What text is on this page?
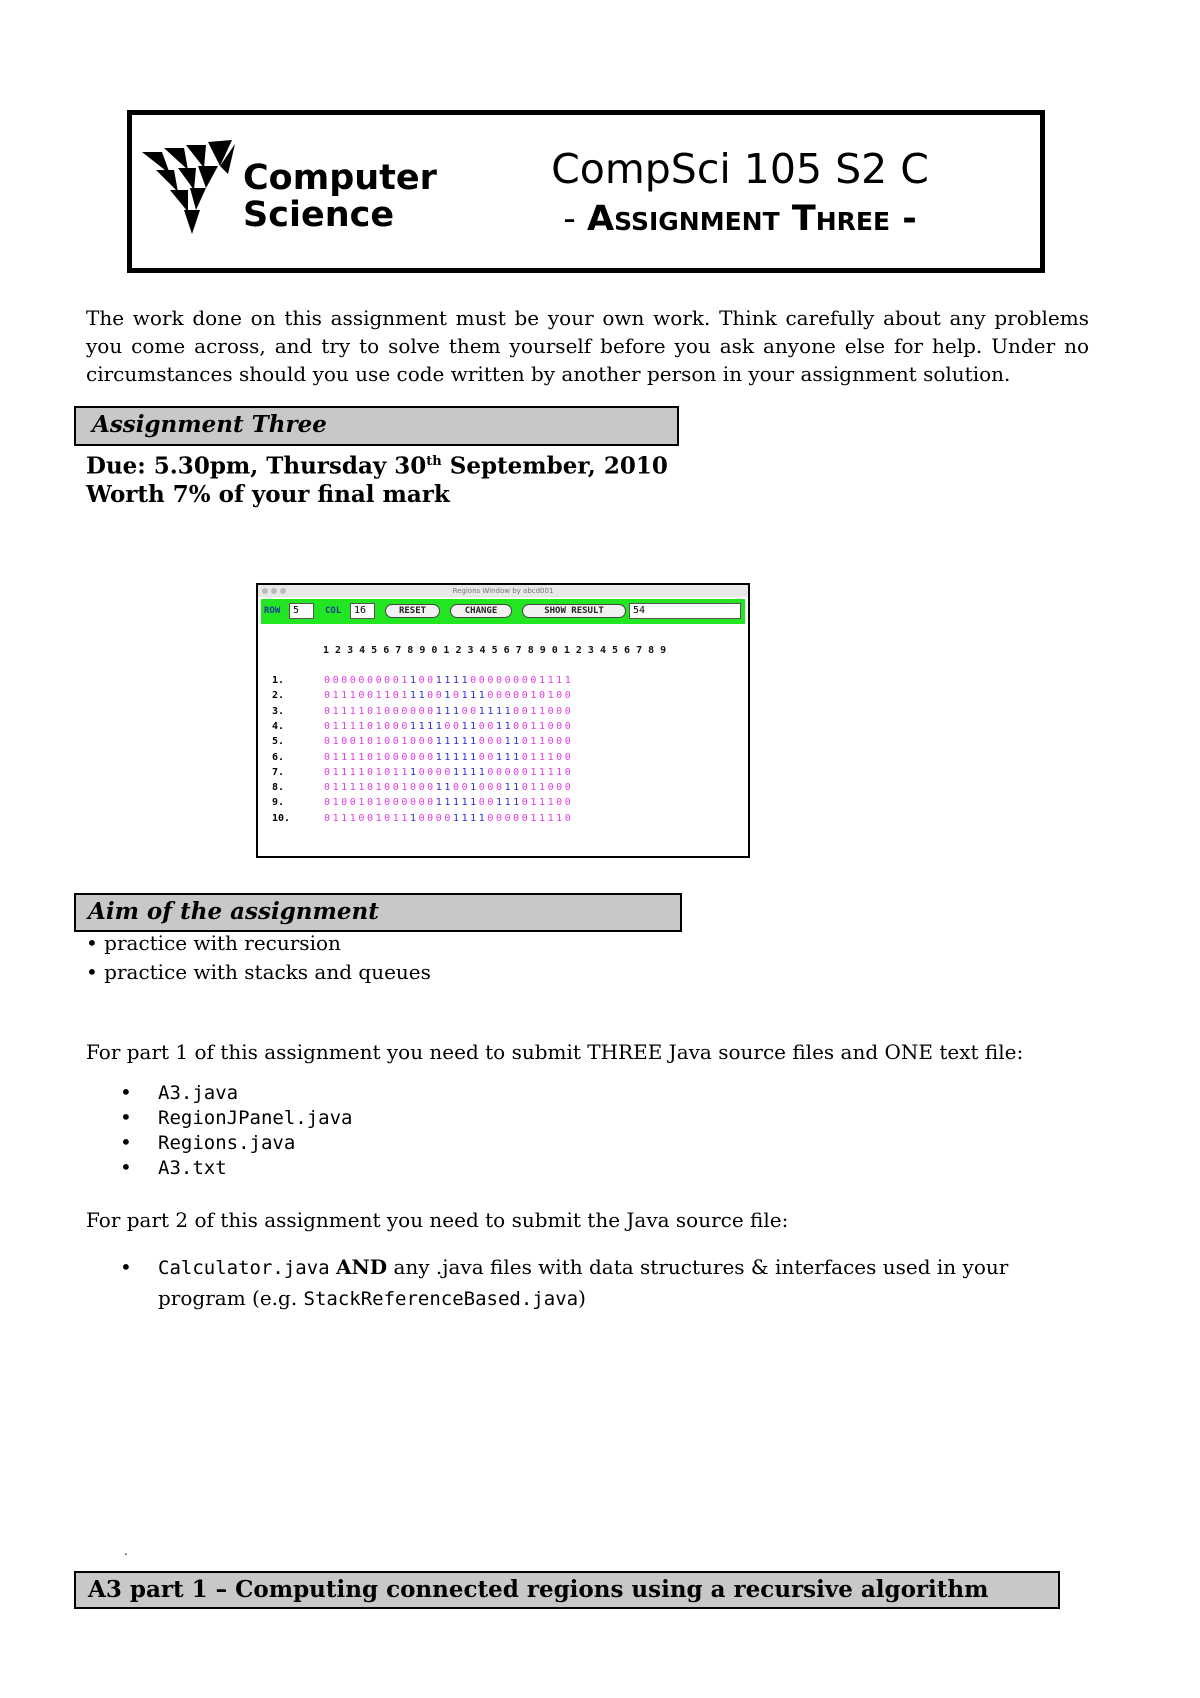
Computer
Science
CompSci 105 S2 C
- Assignment Three -
The work done on this assignment must be your own work. Think carefully about any problems you come across, and try to solve them yourself before you ask anyone else for help. Under no circumstances should you use code written by another person in your assignment solution.
Assignment Three
Due: 5.30pm, Thursday 30th September, 2010
Worth 7% of your final mark
Regions Window by abcd001
ROW	5	COL	16	RESET	CHANGE	SHOW RESULT	54
1 2 3 4 5 6 7 8 9 0 1 2 3 4 5 6 7 8 9 0 1 2 3 4 5 6 7 8 9
1.	0 0 0 0 0 0 0 0 0 1 1 0 0 1 1 1 1 0 0 0 0 0 0 0 0 1 1 1 1
2.	0 1 1 1 0 0 1 1 0 1 1 1 0 0 1 0 1 1 1 0 0 0 0 0 1 0 1 0 0
3.	0 1 1 1 1 0 1 0 0 0 0 0 0 1 1 1 0 0 1 1 1 1 0 0 1 1 0 0 0
4.	0 1 1 1 1 0 1 0 0 0 1 1 1 1 0 0 1 1 0 0 1 1 0 0 1 1 0 0 0
5.	0 1 0 0 1 0 1 0 0 1 0 0 0 1 1 1 1 1 0 0 0 1 1 0 1 1 0 0 0
6.	0 1 1 1 1 0 1 0 0 0 0 0 0 1 1 1 1 1 0 0 1 1 1 0 1 1 1 0 0
7.	0 1 1 1 1 0 1 0 1 1 1 0 0 0 0 1 1 1 1 0 0 0 0 0 1 1 1 1 0
8.	0 1 1 1 1 0 1 0 0 1 0 0 0 1 1 0 0 1 0 0 0 1 1 0 1 1 0 0 0
9.	0 1 0 0 1 0 1 0 0 0 0 0 0 1 1 1 1 1 0 0 1 1 1 0 1 1 1 0 0
10.	0 1 1 1 0 0 1 0 1 1 1 0 0 0 0 1 1 1 1 0 0 0 0 0 1 1 1 1 0
Aim of the assignment
• practice with recursion
• practice with stacks and queues
For part 1 of this assignment you need to submit THREE Java source files and ONE text file:
• A3.java
• RegionJPanel.java
• Regions.java
• A3.txt
For part 2 of this assignment you need to submit the Java source file:
• Calculator.java AND any .java files with data structures & interfaces used in your
program (e.g. StackReferenceBased.java)
.
A3 part 1 – Computing connected regions using a recursive algorithm
